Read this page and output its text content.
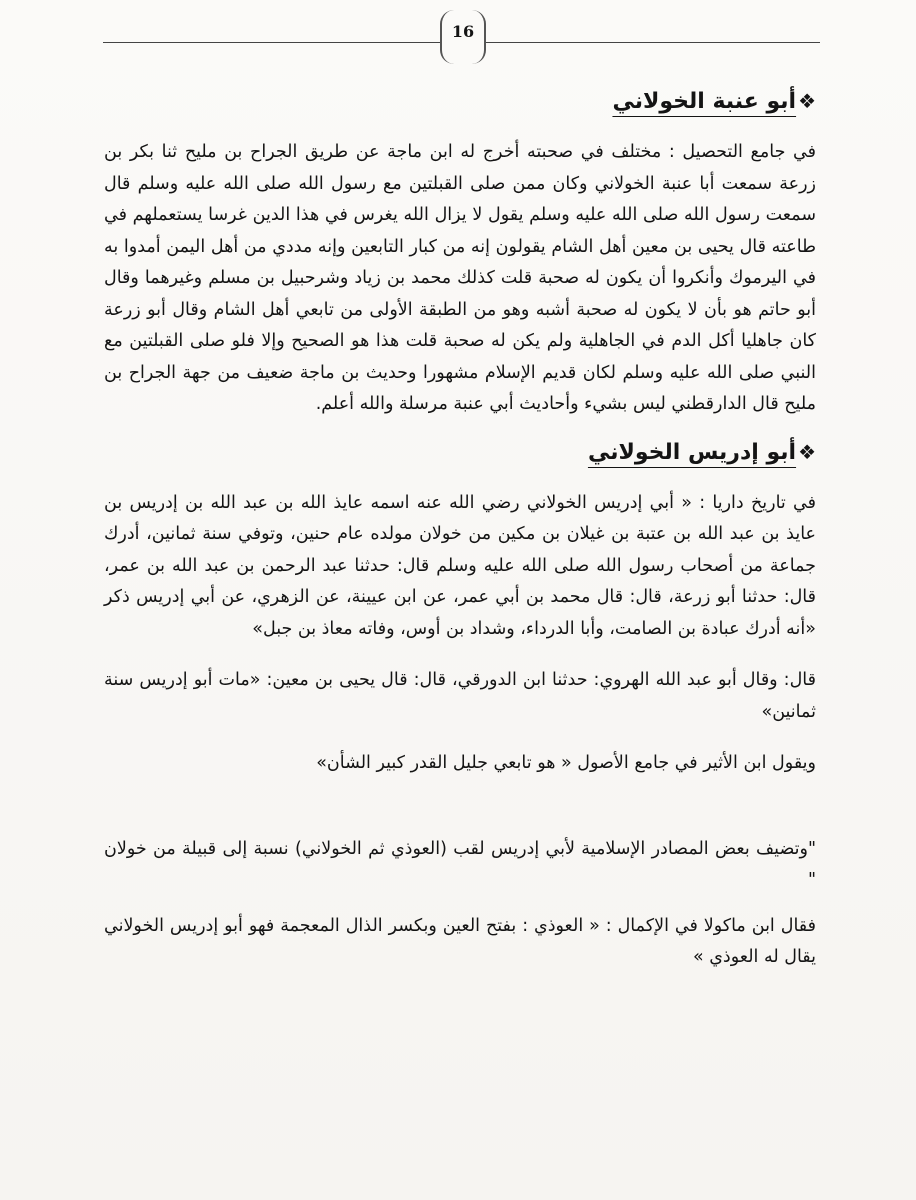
16
❖أبو عنبة الخولاني

في جامع التحصيل : مختلف في صحبته أخرج له ابن ماجة عن طريق الجراح بن مليح ثنا بكر بن زرعة سمعت أبا عنبة الخولاني وكان ممن صلى القبلتين مع رسول الله صلى الله عليه وسلم قال سمعت رسول الله صلى الله عليه وسلم يقول لا يزال الله يغرس في هذا الدين غرسا يستعملهم في طاعته قال يحيى بن معين أهل الشام يقولون إنه من كبار التابعين وإنه مددي من أهل اليمن أمدوا به في اليرموك وأنكروا أن يكون له صحبة قلت كذلك محمد بن زياد وشرحبيل بن مسلم وغيرهما وقال أبو حاتم هو بأن لا يكون له صحبة أشبه وهو من الطبقة الأولى من تابعي أهل الشام وقال أبو زرعة كان جاهليا أكل الدم في الجاهلية ولم يكن له صحبة قلت هذا هو الصحيح وإلا فلو صلى القبلتين مع النبي صلى الله عليه وسلم لكان قديم الإسلام مشهورا وحديث بن ماجة ضعيف من جهة الجراح بن مليح قال الدارقطني ليس بشيء وأحاديث أبي عنبة مرسلة والله أعلم.

❖أبو إدريس الخولاني

في تاريخ داريا : « أبي إدريس الخولاني رضي الله عنه اسمه عايذ الله بن عبد الله بن إدريس بن عايذ بن عبد الله بن عتبة بن غيلان بن مكين من خولان مولده عام حنين، وتوفي سنة ثمانين، أدرك جماعة من أصحاب رسول الله صلى الله عليه وسلم قال: حدثنا عبد الرحمن بن عبد الله بن عمر، قال: حدثنا أبو زرعة، قال: قال محمد بن أبي عمر، عن ابن عيينة، عن الزهري، عن أبي إدريس ذكر «أنه أدرك عبادة بن الصامت، وأبا الدرداء، وشداد بن أوس، وفاته معاذ بن جبل»

قال: وقال أبو عبد الله الهروي: حدثنا ابن الدورقي، قال: قال يحيى بن معين: «مات أبو إدريس سنة ثمانين»

ويقول ابن الأثير في جامع الأصول « هو تابعي جليل القدر كبير الشأن»

"وتضيف بعض المصادر الإسلامية لأبي إدريس لقب (العوذي ثم الخولاني) نسبة إلى قبيلة من خولان "

فقال ابن ماكولا في الإكمال : « العوذي : بفتح العين وبكسر الذال المعجمة فهو أبو إدريس الخولاني يقال له العوذي »
